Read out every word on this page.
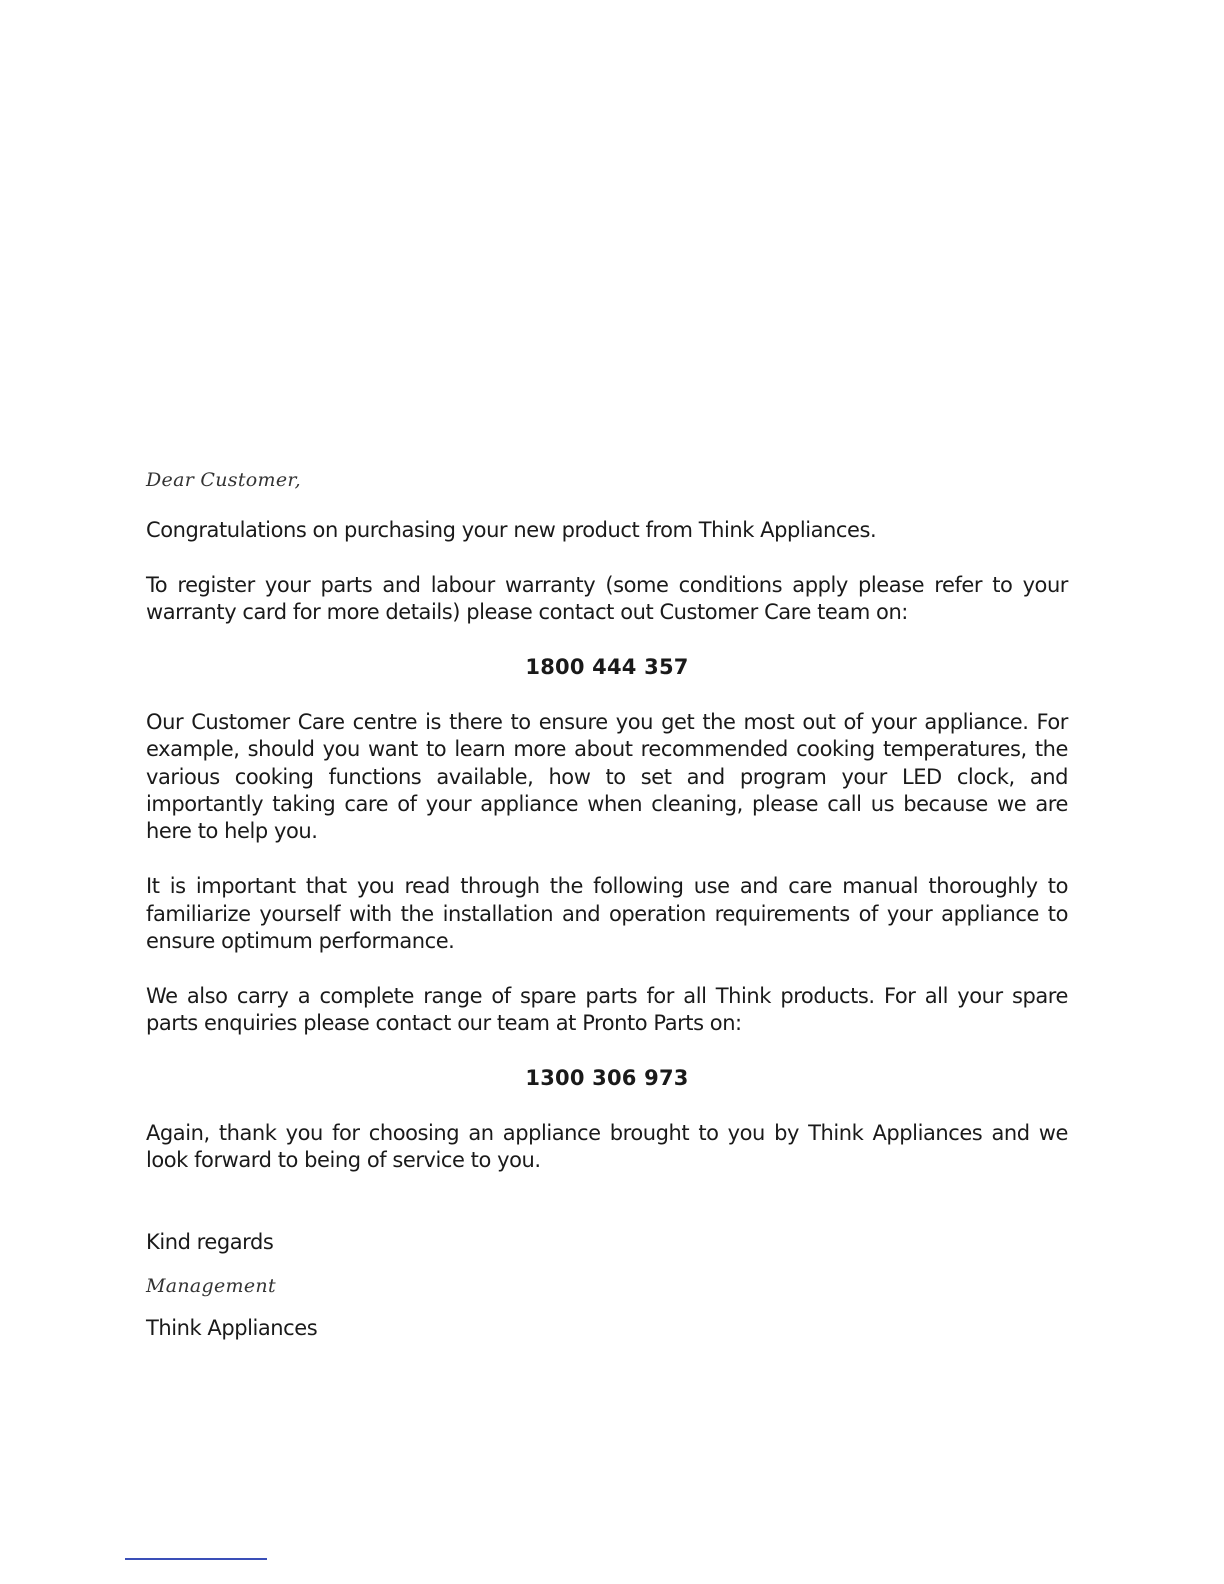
Dear Customer,

Congratulations on purchasing your new product from Think Appliances.

To register your parts and labour warranty (some conditions apply please refer to your warranty card for more details) please contact out Customer Care team on:

1800 444 357

Our Customer Care centre is there to ensure you get the most out of your appliance. For example, should you want to learn more about recommended cooking temperatures, the various cooking functions available, how to set and program your LED clock, and importantly taking care of your appliance when cleaning, please call us because we are here to help you.

It is important that you read through the following use and care manual thoroughly to familiarize yourself with the installation and operation requirements of your appliance to ensure optimum performance.

We also carry a complete range of spare parts for all Think products. For all your spare parts enquiries please contact our team at Pronto Parts on:

1300 306 973

Again, thank you for choosing an appliance brought to you by Think Appliances and we look forward to being of service to you.

Kind regards

Management

Think Appliances
